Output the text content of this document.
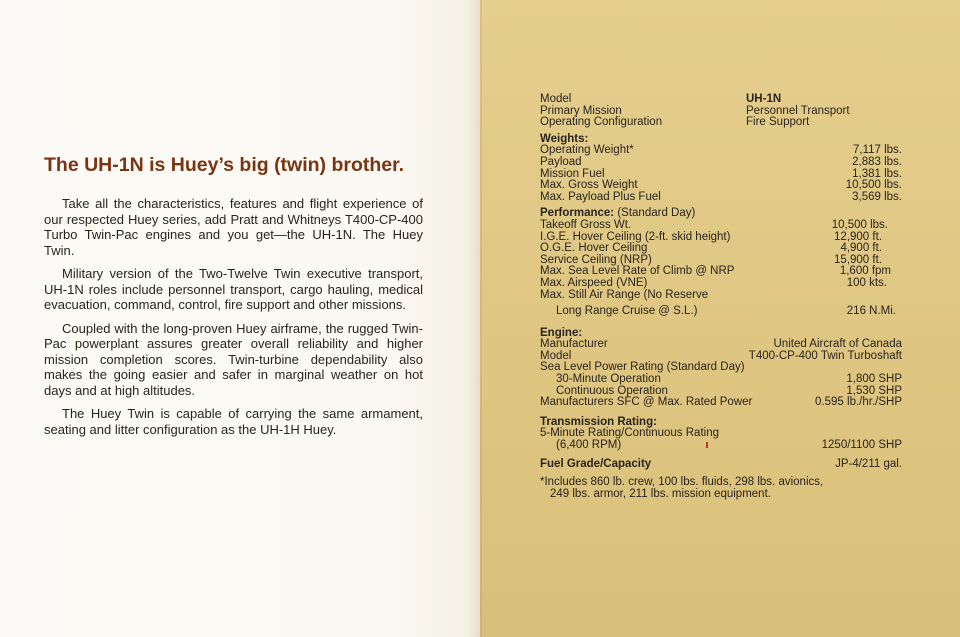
The UH-1N is Huey’s big (twin) brother.

Take all the characteristics, features and flight experience of our respected Huey series, add Pratt and Whitneys T400-CP-400 Turbo Twin-Pac engines and you get—the UH-1N. The Huey Twin.

Military version of the Two-Twelve Twin executive transport, UH-1N roles include personnel transport, cargo hauling, medical evacuation, command, control, fire support and other missions.

Coupled with the long-proven Huey airframe, the rugged Twin-Pac powerplant assures greater overall reliability and higher mission completion scores. Twin-turbine dependability also makes the going easier and safer in marginal weather on hot days and at high altitudes.

The Huey Twin is capable of carrying the same armament, seating and litter configuration as the UH-1H Huey.

Model	UH-1N
Primary Mission	Personnel Transport
Operating Configuration	Fire Support
Weights:
Operating Weight*	7,117 lbs.
Payload	2,883 lbs.
Mission Fuel	1,381 lbs.
Max. Gross Weight	10,500 lbs.
Max. Payload Plus Fuel	3,569 lbs.
Performance: (Standard Day)
Takeoff Gross Wt.	10,500 lbs.
I.G.E. Hover Ceiling (2-ft. skid height)	12,900 ft.
O.G.E. Hover Ceiling	4,900 ft.
Service Ceiling (NRP)	15,900 ft.
Max. Sea Level Rate of Climb @ NRP	1,600 fpm
Max. Airspeed (VNE)	100 kts.
Max. Still Air Range (No Reserve
Long Range Cruise @ S.L.)	216 N.Mi.
Engine:
Manufacturer	United Aircraft of Canada
Model	T400-CP-400 Twin Turboshaft
Sea Level Power Rating (Standard Day)
30-Minute Operation	1,800 SHP
Continuous Operation	1,530 SHP
Manufacturers SFC @ Max. Rated Power	0.595 lb./hr./SHP
Transmission Rating:
5-Minute Rating/Continuous Rating
(6,400 RPM)	1250/1100 SHP
Fuel Grade/Capacity	JP-4/211 gal.
*Includes 860 lb. crew, 100 lbs. fluids, 298 lbs. avionics,
249 lbs. armor, 211 lbs. mission equipment.
